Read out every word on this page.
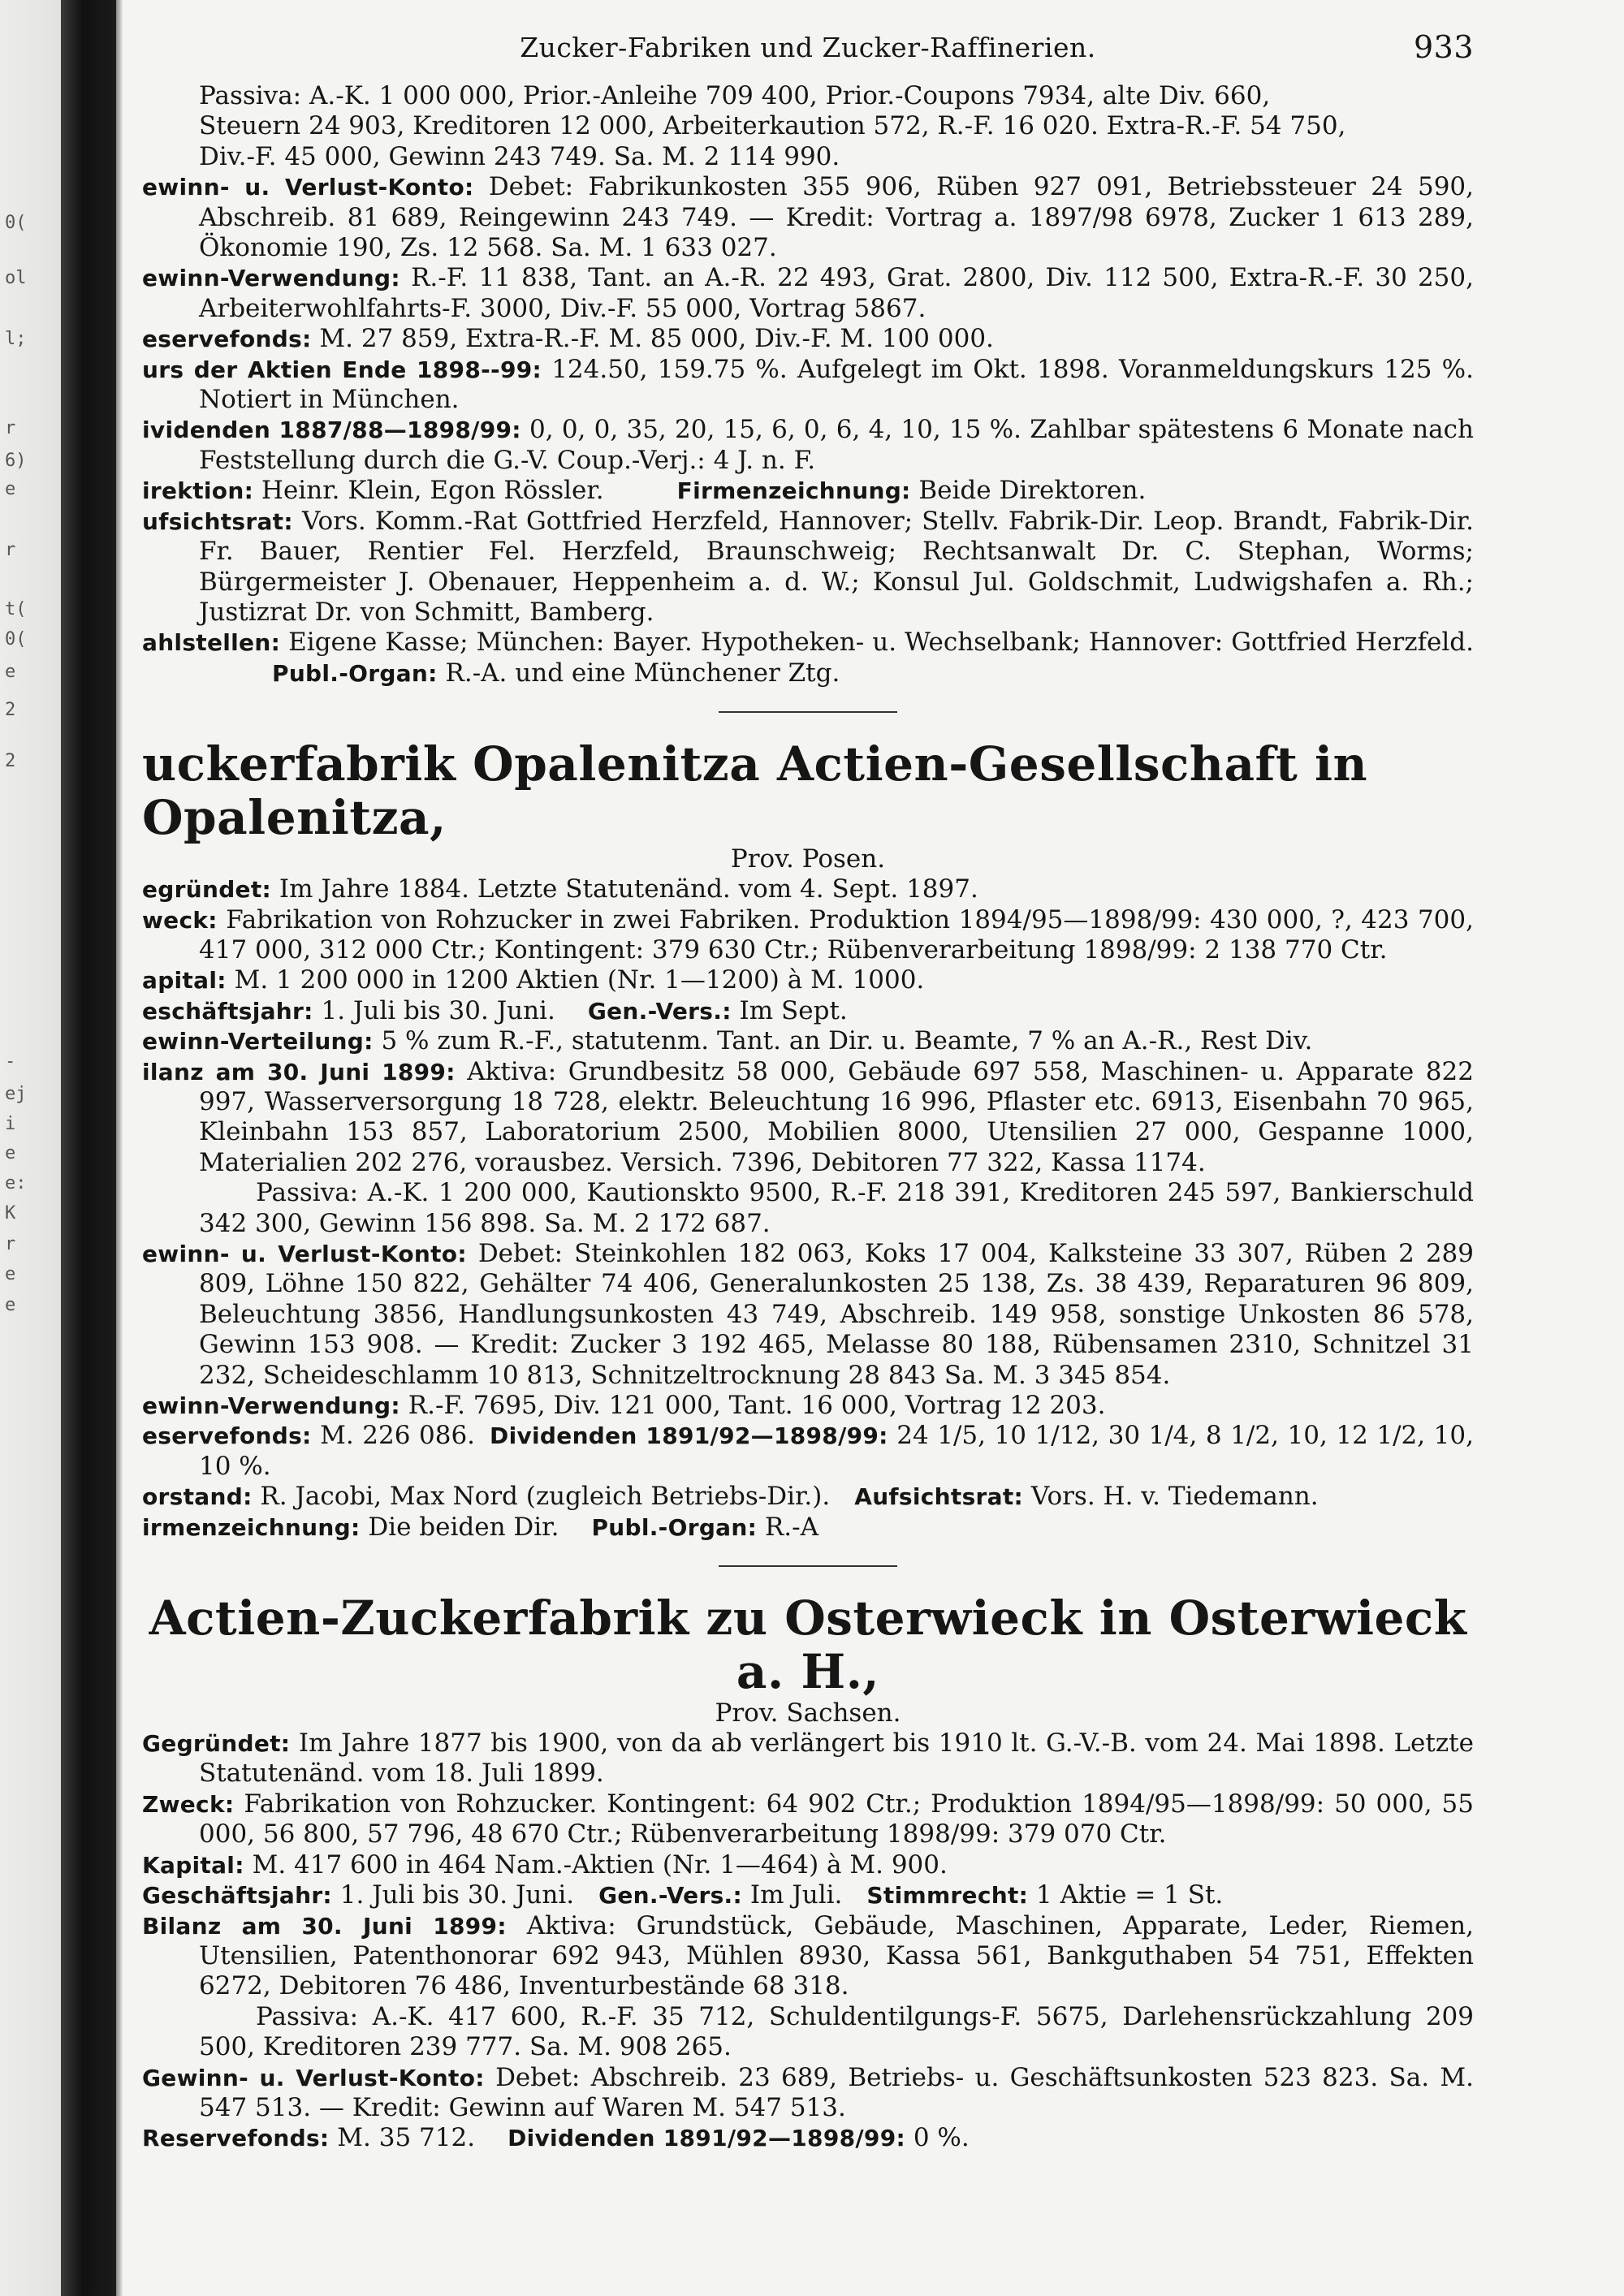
0(
ol
l;
r
6)
e
r
t(
0(
e
2
2
-
ej
i
e
e:
K
r
e
e
Zucker-Fabriken und Zucker-Raffinerien.	933
Passiva: A.-K. 1 000 000, Prior.-Anleihe 709 400, Prior.-Coupons 7934, alte Div. 660,
Steuern 24 903, Kreditoren 12 000, Arbeiterkaution 572, R.-F. 16 020. Extra-R.-F. 54 750,
Div.-F. 45 000, Gewinn 243 749. Sa. M. 2 114 990.
ewinn- u. Verlust-Konto: Debet: Fabrikunkosten 355 906, Rüben 927 091, Betriebssteuer 24 590, Abschreib. 81 689, Reingewinn 243 749. — Kredit: Vortrag a. 1897/98 6978, Zucker 1 613 289, Ökonomie 190, Zs. 12 568. Sa. M. 1 633 027.
ewinn-Verwendung: R.-F. 11 838, Tant. an A.-R. 22 493, Grat. 2800, Div. 112 500, Extra-R.-F. 30 250, Arbeiterwohlfahrts-F. 3000, Div.-F. 55 000, Vortrag 5867.
eservefonds: M. 27 859, Extra-R.-F. M. 85 000, Div.-F. M. 100 000.
urs der Aktien Ende 1898--99: 124.50, 159.75 %. Aufgelegt im Okt. 1898. Voranmeldungskurs 125 %. Notiert in München.
ividenden 1887/88—1898/99: 0, 0, 0, 35, 20, 15, 6, 0, 6, 4, 10, 15 %. Zahlbar spätestens 6 Monate nach Feststellung durch die G.-V. Coup.-Verj.: 4 J. n. F.
irektion: Heinr. Klein, Egon Rössler.	Firmenzeichnung: Beide Direktoren.
ufsichtsrat: Vors. Komm.-Rat Gottfried Herzfeld, Hannover; Stellv. Fabrik-Dir. Leop. Brandt, Fabrik-Dir. Fr. Bauer, Rentier Fel. Herzfeld, Braunschweig; Rechtsanwalt Dr. C. Stephan, Worms; Bürgermeister J. Obenauer, Heppenheim a. d. W.; Konsul Jul. Goldschmit, Ludwigshafen a. Rh.; Justizrat Dr. von Schmitt, Bamberg.
ahlstellen: Eigene Kasse; München: Bayer. Hypotheken- u. Wechselbank; Hannover: Gottfried Herzfeld.Publ.-Organ: R.-A. und eine Münchener Ztg.
uckerfabrik Opalenitza Actien-Gesellschaft in Opalenitza,
Prov. Posen.
egründet: Im Jahre 1884. Letzte Statutenänd. vom 4. Sept. 1897.
weck: Fabrikation von Rohzucker in zwei Fabriken. Produktion 1894/95—1898/99: 430 000, ?, 423 700, 417 000, 312 000 Ctr.; Kontingent: 379 630 Ctr.; Rübenverarbeitung 1898/99: 2 138 770 Ctr.
apital: M. 1 200 000 in 1200 Aktien (Nr. 1—1200) à M. 1000.
eschäftsjahr: 1. Juli bis 30. Juni. Gen.-Vers.: Im Sept.
ewinn-Verteilung: 5 % zum R.-F., statutenm. Tant. an Dir. u. Beamte, 7 % an A.-R., Rest Div.
ilanz am 30. Juni 1899: Aktiva: Grundbesitz 58 000, Gebäude 697 558, Maschinen- u. Apparate 822 997, Wasserversorgung 18 728, elektr. Beleuchtung 16 996, Pflaster etc. 6913, Eisenbahn 70 965, Kleinbahn 153 857, Laboratorium 2500, Mobilien 8000, Utensilien 27 000, Gespanne 1000, Materialien 202 276, vorausbez. Versich. 7396, Debitoren 77 322, Kassa 1174.
Passiva: A.-K. 1 200 000, Kautionskto 9500, R.-F. 218 391, Kreditoren 245 597, Bankierschuld 342 300, Gewinn 156 898. Sa. M. 2 172 687.
ewinn- u. Verlust-Konto: Debet: Steinkohlen 182 063, Koks 17 004, Kalksteine 33 307, Rüben 2 289 809, Löhne 150 822, Gehälter 74 406, Generalunkosten 25 138, Zs. 38 439, Reparaturen 96 809, Beleuchtung 3856, Handlungsunkosten 43 749, Abschreib. 149 958, sonstige Unkosten 86 578, Gewinn 153 908. — Kredit: Zucker 3 192 465, Melasse 80 188, Rübensamen 2310, Schnitzel 31 232, Scheideschlamm 10 813, Schnitzeltrocknung 28 843 Sa. M. 3 345 854.
ewinn-Verwendung: R.-F. 7695, Div. 121 000, Tant. 16 000, Vortrag 12 203.
eservefonds: M. 226 086. Dividenden 1891/92—1898/99: 24 1/5, 10 1/12, 30 1/4, 8 1/2, 10, 12 1/2, 10, 10 %.
orstand: R. Jacobi, Max Nord (zugleich Betriebs-Dir.). Aufsichtsrat: Vors. H. v. Tiedemann.
irmenzeichnung: Die beiden Dir. Publ.-Organ: R.-A
Actien-Zuckerfabrik zu Osterwieck in Osterwieck a. H.,
Prov. Sachsen.
Gegründet: Im Jahre 1877 bis 1900, von da ab verlängert bis 1910 lt. G.-V.-B. vom 24. Mai 1898. Letzte Statutenänd. vom 18. Juli 1899.
Zweck: Fabrikation von Rohzucker. Kontingent: 64 902 Ctr.; Produktion 1894/95—1898/99: 50 000, 55 000, 56 800, 57 796, 48 670 Ctr.; Rübenverarbeitung 1898/99: 379 070 Ctr.
Kapital: M. 417 600 in 464 Nam.-Aktien (Nr. 1—464) à M. 900.
Geschäftsjahr: 1. Juli bis 30. Juni. Gen.-Vers.: Im Juli. Stimmrecht: 1 Aktie = 1 St.
Bilanz am 30. Juni 1899: Aktiva: Grundstück, Gebäude, Maschinen, Apparate, Leder, Riemen, Utensilien, Patenthonorar 692 943, Mühlen 8930, Kassa 561, Bankguthaben 54 751, Effekten 6272, Debitoren 76 486, Inventurbestände 68 318.
Passiva: A.-K. 417 600, R.-F. 35 712, Schuldentilgungs-F. 5675, Darlehensrückzahlung 209 500, Kreditoren 239 777. Sa. M. 908 265.
Gewinn- u. Verlust-Konto: Debet: Abschreib. 23 689, Betriebs- u. Geschäftsunkosten 523 823. Sa. M. 547 513. — Kredit: Gewinn auf Waren M. 547 513.
Reservefonds: M. 35 712. Dividenden 1891/92—1898/99: 0 %.
